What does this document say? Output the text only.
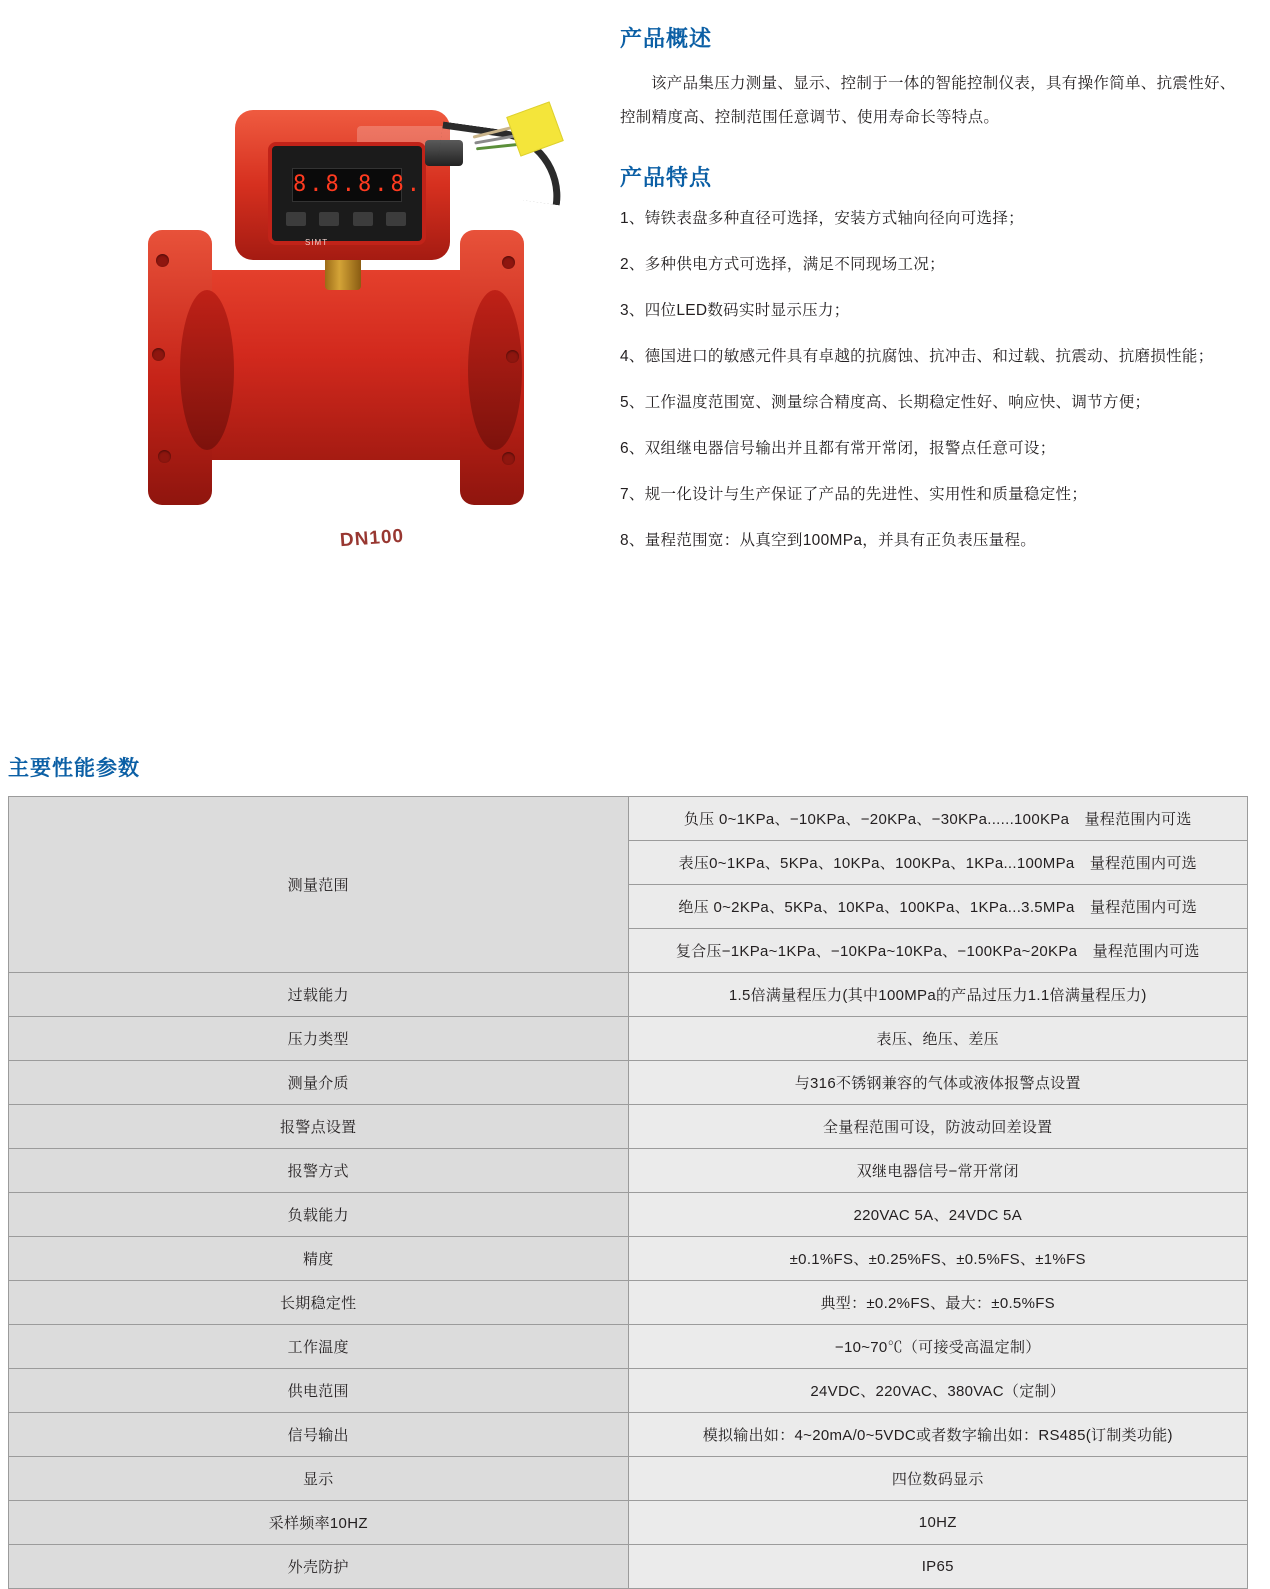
DN100
8.8.8.8.
SIMT
产品概述

该产品集压力测量、显示、控制于一体的智能控制仪表，具有操作简单、抗震性好、控制精度高、控制范围任意调节、使用寿命长等特点。

产品特点
1、铸铁表盘多种直径可选择，安装方式轴向径向可选择；
2、多种供电方式可选择，满足不同现场工况；
3、四位LED数码实时显示压力；
4、德国进口的敏感元件具有卓越的抗腐蚀、抗冲击、和过载、抗震动、抗磨损性能；
5、工作温度范围宽、测量综合精度高、长期稳定性好、响应快、调节方便；
6、双组继电器信号输出并且都有常开常闭，报警点任意可设；
7、规一化设计与生产保证了产品的先进性、实用性和质量稳定性；
8、量程范围宽：从真空到100MPa，并具有正负表压量程。
主要性能参数
测量范围	负压 0~1KPa、−10KPa、−20KPa、−30KPa......100KPa　量程范围内可选
	表压0~1KPa、5KPa、10KPa、100KPa、1KPa...100MPa　量程范围内可选
	绝压 0~2KPa、5KPa、10KPa、100KPa、1KPa...3.5MPa　量程范围内可选
	复合压−1KPa~1KPa、−10KPa~10KPa、−100KPa~20KPa　量程范围内可选
过载能力	1.5倍满量程压力(其中100MPa的产品过压力1.1倍满量程压力)
压力类型	表压、绝压、差压
测量介质	与316不锈钢兼容的气体或液体报警点设置
报警点设置	全量程范围可设，防波动回差设置
报警方式	双继电器信号−常开常闭
负载能力	220VAC 5A、24VDC 5A
精度	±0.1%FS、±0.25%FS、±0.5%FS、±1%FS
长期稳定性	典型：±0.2%FS、最大：±0.5%FS
工作温度	−10~70℃（可接受高温定制）
供电范围	24VDC、220VAC、380VAC（定制）
信号输出	模拟输出如：4~20mA/0~5VDC或者数字输出如：RS485(订制类功能)
显示	四位数码显示
采样频率10HZ	10HZ
外壳防护	IP65
